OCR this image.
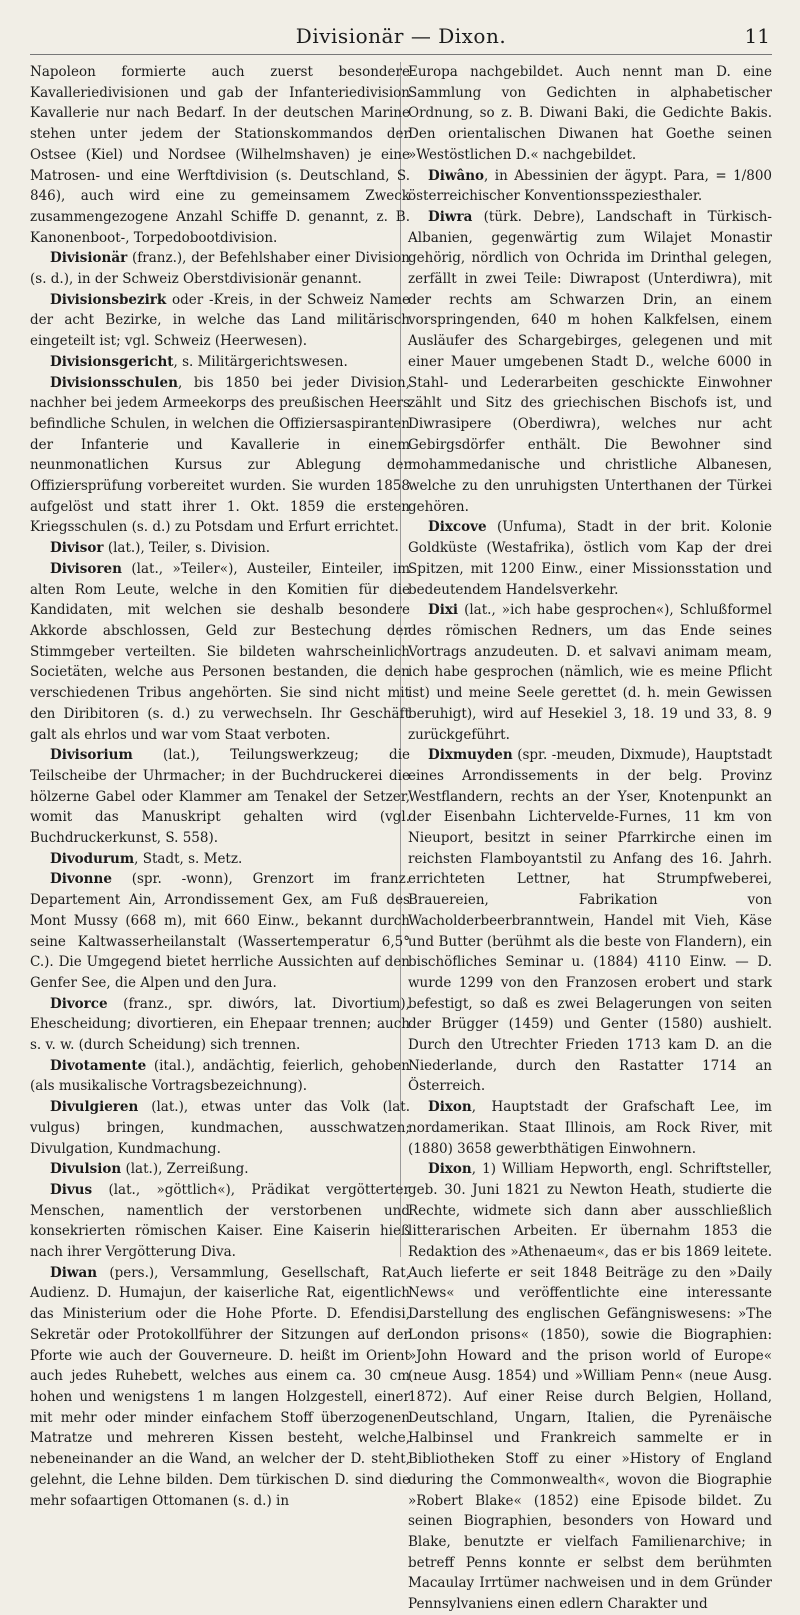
Divisionär — Dixon.	11

Napoleon formierte auch zuerst besondere Kavalleriedivisionen und gab der Infanteriedivision Kavallerie nur nach Bedarf. In der deutschen Marine stehen unter jedem der Stationskommandos der Ostsee (Kiel) und Nordsee (Wilhelmshaven) je eine Matrosen- und eine Werftdivision (s. Deutschland, S. 846), auch wird eine zu gemeinsamem Zweck zusammengezogene Anzahl Schiffe D. genannt, z. B. Kanonenboot-, Torpedobootdivision.

Divisionär (franz.), der Befehlshaber einer Division (s. d.), in der Schweiz Oberstdivisionär genannt.

Divisionsbezirk oder -Kreis, in der Schweiz Name der acht Bezirke, in welche das Land militärisch eingeteilt ist; vgl. Schweiz (Heerwesen).

Divisionsgericht, s. Militärgerichtswesen.

Divisionsschulen, bis 1850 bei jeder Division, nachher bei jedem Armeekorps des preußischen Heers befindliche Schulen, in welchen die Offiziersaspiranten der Infanterie und Kavallerie in einem neunmonatlichen Kursus zur Ablegung der Offiziersprüfung vorbereitet wurden. Sie wurden 1858 aufgelöst und statt ihrer 1. Okt. 1859 die ersten Kriegsschulen (s. d.) zu Potsdam und Erfurt errichtet.

Divisor (lat.), Teiler, s. Division.

Divisoren (lat., »Teiler«), Austeiler, Einteiler, im alten Rom Leute, welche in den Komitien für die Kandidaten, mit welchen sie deshalb besondere Akkorde abschlossen, Geld zur Bestechung der Stimmgeber verteilten. Sie bildeten wahrscheinlich Societäten, welche aus Personen bestanden, die den verschiedenen Tribus angehörten. Sie sind nicht mit den Diribitoren (s. d.) zu verwechseln. Ihr Geschäft galt als ehrlos und war vom Staat verboten.

Divisorium (lat.), Teilungswerkzeug; die Teilscheibe der Uhrmacher; in der Buchdruckerei die hölzerne Gabel oder Klammer am Tenakel der Setzer, womit das Manuskript gehalten wird (vgl. Buchdruckerkunst, S. 558).

Divodurum, Stadt, s. Metz.

Divonne (spr. -wonn), Grenzort im franz. Departement Ain, Arrondissement Gex, am Fuß des Mont Mussy (668 m), mit 660 Einw., bekannt durch seine Kaltwasserheilanstalt (Wassertemperatur 6,5° C.). Die Umgegend bietet herrliche Aussichten auf den Genfer See, die Alpen und den Jura.

Divorce (franz., spr. diwórs, lat. Divortium), Ehescheidung; divortieren, ein Ehepaar trennen; auch s. v. w. (durch Scheidung) sich trennen.

Divotamente (ital.), andächtig, feierlich, gehoben (als musikalische Vortragsbezeichnung).

Divulgieren (lat.), etwas unter das Volk (lat. vulgus) bringen, kundmachen, ausschwatzen; Divulgation, Kundmachung.

Divulsion (lat.), Zerreißung.

Divus (lat., »göttlich«), Prädikat vergötterter Menschen, namentlich der verstorbenen und konsekrierten römischen Kaiser. Eine Kaiserin hieß nach ihrer Vergötterung Diva.

Diwan (pers.), Versammlung, Gesellschaft, Rat, Audienz. D. Humajun, der kaiserliche Rat, eigentlich das Ministerium oder die Hohe Pforte. D. Efendisi, Sekretär oder Protokollführer der Sitzungen auf der Pforte wie auch der Gouverneure. D. heißt im Orient auch jedes Ruhebett, welches aus einem ca. 30 cm hohen und wenigstens 1 m langen Holzgestell, einer mit mehr oder minder einfachem Stoff überzogenen Matratze und mehreren Kissen besteht, welche, nebeneinander an die Wand, an welcher der D. steht, gelehnt, die Lehne bilden. Dem türkischen D. sind die mehr sofaartigen Ottomanen (s. d.) in

Europa nachgebildet. Auch nennt man D. eine Sammlung von Gedichten in alphabetischer Ordnung, so z. B. Diwani Baki, die Gedichte Bakis. Den orientalischen Diwanen hat Goethe seinen »Westöstlichen D.« nachgebildet.

Diwâno, in Abessinien der ägypt. Para, = 1/800 österreichischer Konventionsspeziesthaler.

Diwra (türk. Debre), Landschaft in Türkisch-Albanien, gegenwärtig zum Wilajet Monastir gehörig, nördlich von Ochrida im Drinthal gelegen, zerfällt in zwei Teile: Diwrapost (Unterdiwra), mit der rechts am Schwarzen Drin, an einem vorspringenden, 640 m hohen Kalkfelsen, einem Ausläufer des Schargebirges, gelegenen und mit einer Mauer umgebenen Stadt D., welche 6000 in Stahl- und Lederarbeiten geschickte Einwohner zählt und Sitz des griechischen Bischofs ist, und Diwrasipere (Oberdiwra), welches nur acht Gebirgsdörfer enthält. Die Bewohner sind mohammedanische und christliche Albanesen, welche zu den unruhigsten Unterthanen der Türkei gehören.

Dixcove (Unfuma), Stadt in der brit. Kolonie Goldküste (Westafrika), östlich vom Kap der drei Spitzen, mit 1200 Einw., einer Missionsstation und bedeutendem Handelsverkehr.

Dixi (lat., »ich habe gesprochen«), Schlußformel des römischen Redners, um das Ende seines Vortrags anzudeuten. D. et salvavi animam meam, ich habe gesprochen (nämlich, wie es meine Pflicht ist) und meine Seele gerettet (d. h. mein Gewissen beruhigt), wird auf Hesekiel 3, 18. 19 und 33, 8. 9 zurückgeführt.

Dixmuyden (spr. -meuden, Dixmude), Hauptstadt eines Arrondissements in der belg. Provinz Westflandern, rechts an der Yser, Knotenpunkt an der Eisenbahn Lichtervelde-Furnes, 11 km von Nieuport, besitzt in seiner Pfarrkirche einen im reichsten Flamboyantstil zu Anfang des 16. Jahrh. errichteten Lettner, hat Strumpfweberei, Brauereien, Fabrikation von Wacholderbeerbranntwein, Handel mit Vieh, Käse und Butter (berühmt als die beste von Flandern), ein bischöfliches Seminar u. (1884) 4110 Einw. — D. wurde 1299 von den Franzosen erobert und stark befestigt, so daß es zwei Belagerungen von seiten der Brügger (1459) und Genter (1580) aushielt. Durch den Utrechter Frieden 1713 kam D. an die Niederlande, durch den Rastatter 1714 an Österreich.

Dixon, Hauptstadt der Grafschaft Lee, im nordamerikan. Staat Illinois, am Rock River, mit (1880) 3658 gewerbthätigen Einwohnern.

Dixon, 1) William Hepworth, engl. Schriftsteller, geb. 30. Juni 1821 zu Newton Heath, studierte die Rechte, widmete sich dann aber ausschließlich litterarischen Arbeiten. Er übernahm 1853 die Redaktion des »Athenaeum«, das er bis 1869 leitete. Auch lieferte er seit 1848 Beiträge zu den »Daily News« und veröffentlichte eine interessante Darstellung des englischen Gefängniswesens: »The London prisons« (1850), sowie die Biographien: »John Howard and the prison world of Europe« (neue Ausg. 1854) und »William Penn« (neue Ausg. 1872). Auf einer Reise durch Belgien, Holland, Deutschland, Ungarn, Italien, die Pyrenäische Halbinsel und Frankreich sammelte er in Bibliotheken Stoff zu einer »History of England during the Commonwealth«, wovon die Biographie »Robert Blake« (1852) eine Episode bildet. Zu seinen Biographien, besonders von Howard und Blake, benutzte er vielfach Familienarchive; in betreff Penns konnte er selbst dem berühmten Macaulay Irrtümer nachweisen und in dem Gründer Pennsylvaniens einen edlern Charakter und
